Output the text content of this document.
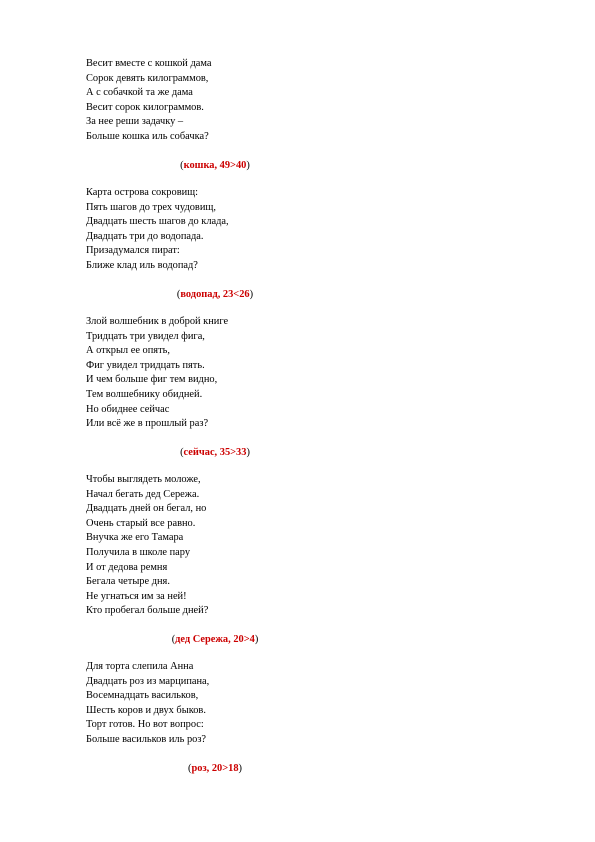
Весит вместе с кошкой дама
Сорок девять килограммов,
А с собачкой та же дама
Весит сорок килограммов.
За нее реши задачку –
Больше кошка иль собачка?
(кошка, 49>40)
Карта острова сокровищ:
Пять шагов до трех чудовищ,
Двадцать шесть шагов до клада,
Двадцать три до водопада.
Призадумался пират:
Ближе клад иль водопад?
(водопад, 23<26)
Злой волшебник в доброй книге
Тридцать три увидел фига,
А открыл ее опять,
Фиг увидел тридцать пять.
И чем больше фиг тем видно,
Тем волшебнику обидней.
Но обиднее сейчас
Или всё же в прошлый раз?
(сейчас, 35>33)
Чтобы выглядеть моложе,
Начал бегать дед Сережа.
Двадцать дней он бегал, но
Очень старый все равно.
Внучка же его Тамара
Получила в школе пару
И от дедова ремня
Бегала четыре дня.
Не угнаться им за ней!
Кто пробегал больше дней?
(дед Сережа, 20>4)
Для торта слепила Анна
Двадцать роз из марципана,
Восемнадцать васильков,
Шесть коров и двух быков.
Торт готов. Но вот вопрос:
Больше васильков иль роз?
(роз, 20>18)
